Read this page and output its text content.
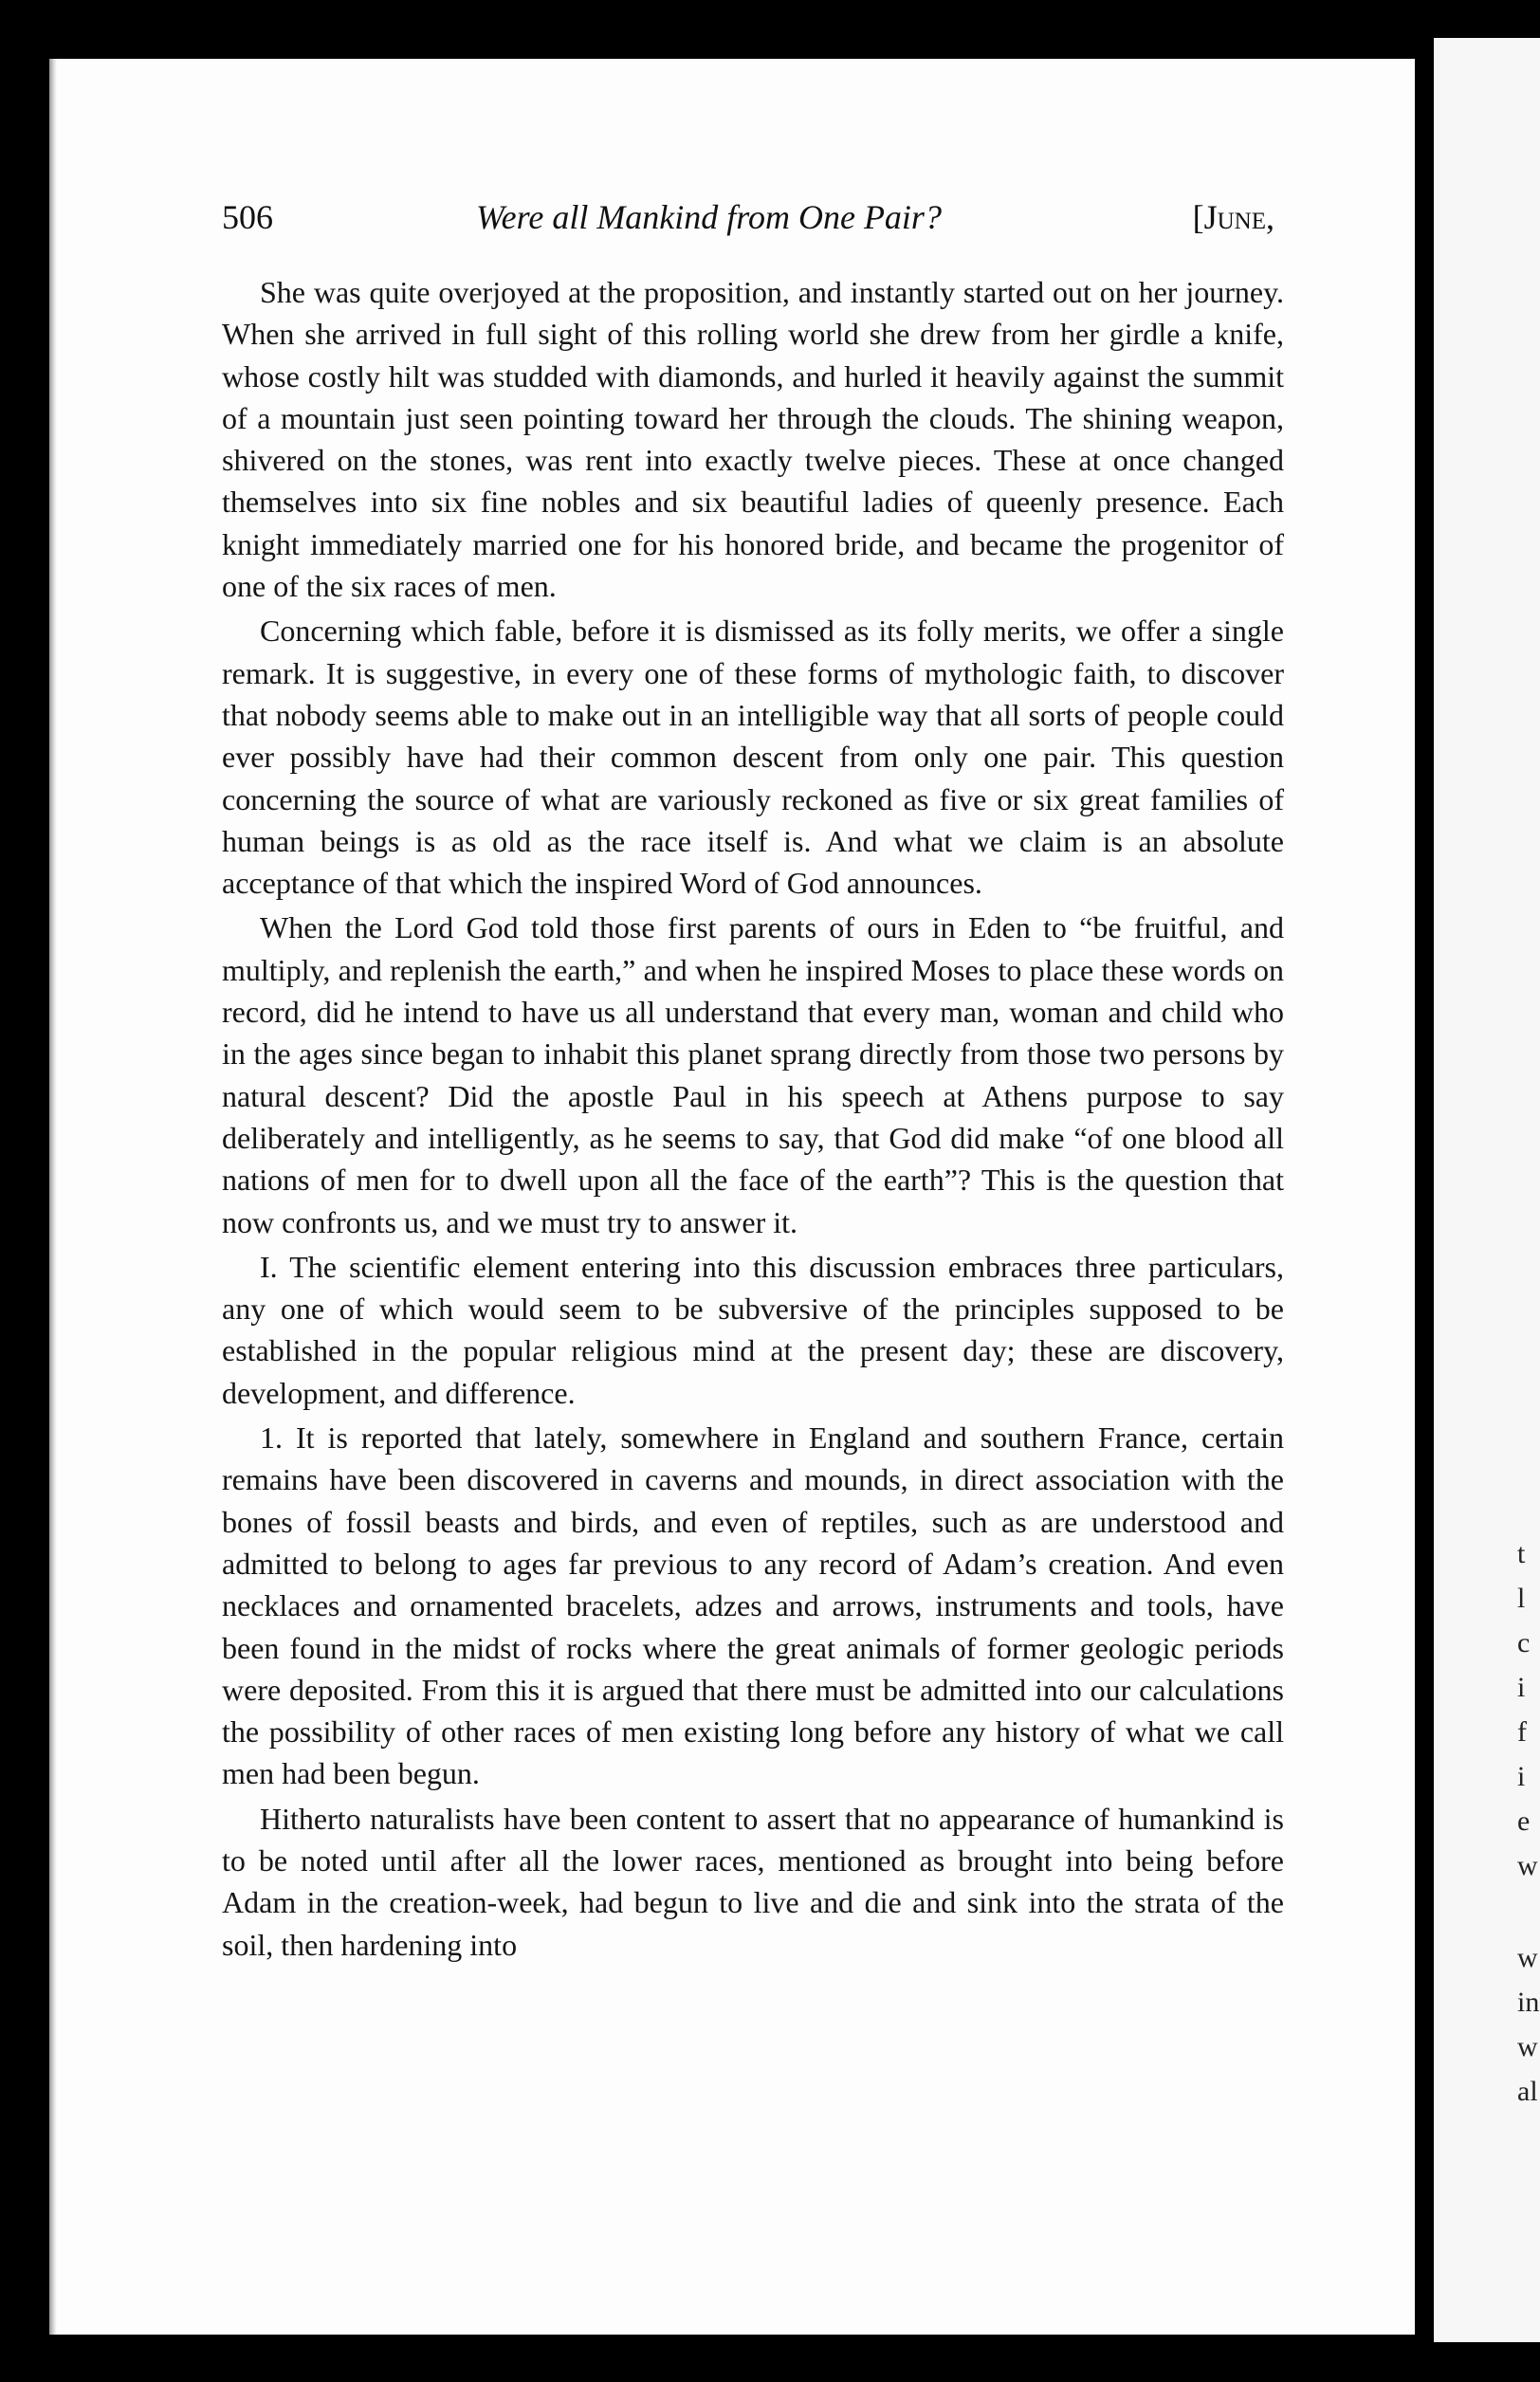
t
l
c
i
f
i
e
w
w
in
w
al
506	Were all Mankind from One Pair?	[June,

She was quite overjoyed at the proposition, and instantly started out on her journey. When she arrived in full sight of this rolling world she drew from her girdle a knife, whose costly hilt was studded with diamonds, and hurled it heavily against the summit of a mountain just seen pointing toward her through the clouds. The shining weapon, shivered on the stones, was rent into exactly twelve pieces. These at once changed themselves into six fine nobles and six beautiful ladies of queenly presence. Each knight immediately married one for his honored bride, and became the progenitor of one of the six races of men.

Concerning which fable, before it is dismissed as its folly merits, we offer a single remark. It is suggestive, in every one of these forms of mythologic faith, to discover that nobody seems able to make out in an intelligible way that all sorts of people could ever possibly have had their common descent from only one pair. This question concerning the source of what are variously reckoned as five or six great families of human beings is as old as the race itself is. And what we claim is an absolute acceptance of that which the inspired Word of God announces.

When the Lord God told those first parents of ours in Eden to “be fruitful, and multiply, and replenish the earth,” and when he inspired Moses to place these words on record, did he intend to have us all understand that every man, woman and child who in the ages since began to inhabit this planet sprang directly from those two persons by natural descent? Did the apostle Paul in his speech at Athens purpose to say deliberately and intelligently, as he seems to say, that God did make “of one blood all nations of men for to dwell upon all the face of the earth”? This is the question that now confronts us, and we must try to answer it.

I. The scientific element entering into this discussion embraces three particulars, any one of which would seem to be subversive of the principles supposed to be established in the popular religious mind at the present day; these are discovery, development, and difference.

1. It is reported that lately, somewhere in England and southern France, certain remains have been discovered in caverns and mounds, in direct association with the bones of fossil beasts and birds, and even of reptiles, such as are understood and admitted to belong to ages far previous to any record of Adam’s creation. And even necklaces and ornamented bracelets, adzes and arrows, instruments and tools, have been found in the midst of rocks where the great animals of former geologic periods were deposited. From this it is argued that there must be admitted into our calculations the possibility of other races of men existing long before any history of what we call men had been begun.

Hitherto naturalists have been content to assert that no appearance of humankind is to be noted until after all the lower races, mentioned as brought into being before Adam in the creation-week, had begun to live and die and sink into the strata of the soil, then hardening into
